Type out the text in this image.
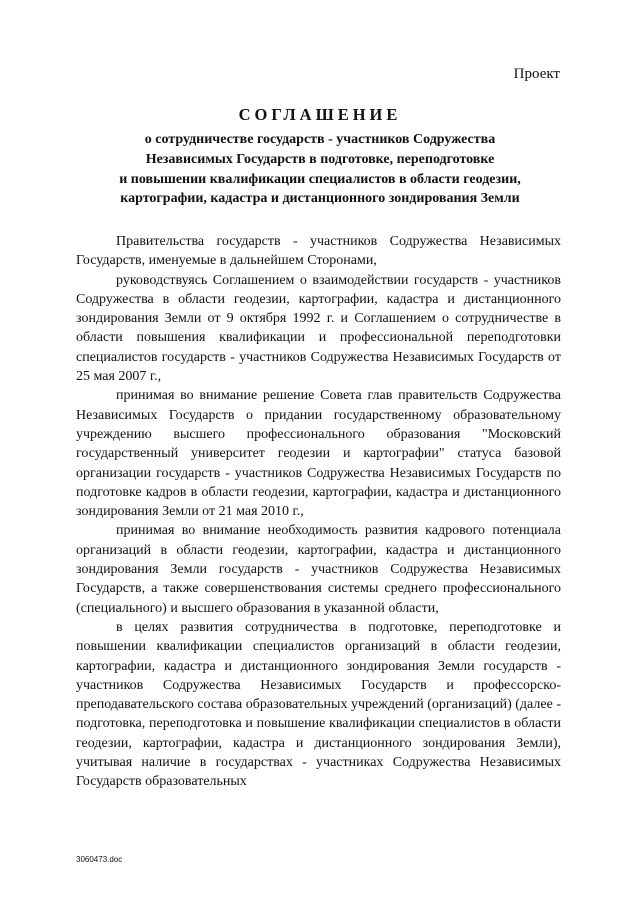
Проект
СОГЛАШЕНИЕ
о сотрудничестве государств - участников Содружества
Независимых Государств в подготовке, переподготовке
и повышении квалификации специалистов в области геодезии,
картографии, кадастра и дистанционного зондирования Земли

Правительства государств - участников Содружества Независимых Государств, именуемые в дальнейшем Сторонами,

руководствуясь Соглашением о взаимодействии государств - участников Содружества в области геодезии, картографии, кадастра и дистанционного зондирования Земли от 9 октября 1992 г. и Соглашением о сотрудничестве в области повышения квалификации и профессиональной переподготовки специалистов государств - участников Содружества Независимых Государств от 25 мая 2007 г.,

принимая во внимание решение Совета глав правительств Содружества Независимых Государств о придании государственному образовательному учреждению высшего профессионального образования "Московский государственный университет геодезии и картографии" статуса базовой организации государств - участников Содружества Независимых Государств по подготовке кадров в области геодезии, картографии, кадастра и дистанционного зондирования Земли от 21 мая 2010 г.,

принимая во внимание необходимость развития кадрового потенциала организаций в области геодезии, картографии, кадастра и дистанционного зондирования Земли государств - участников Содружества Независимых Государств, а также совершенствования системы среднего профессионального (специального) и высшего образования в указанной области,

в целях развития сотрудничества в подготовке, переподготовке и повышении квалификации специалистов организаций в области геодезии, картографии, кадастра и дистанционного зондирования Земли государств - участников Содружества Независимых Государств и профессорско-преподавательского состава образовательных учреждений (организаций) (далее - подготовка, переподготовка и повышение квалификации специалистов в области геодезии, картографии, кадастра и дистанционного зондирования Земли), учитывая наличие в государствах - участниках Содружества Независимых Государств образовательных

3060473.doc
